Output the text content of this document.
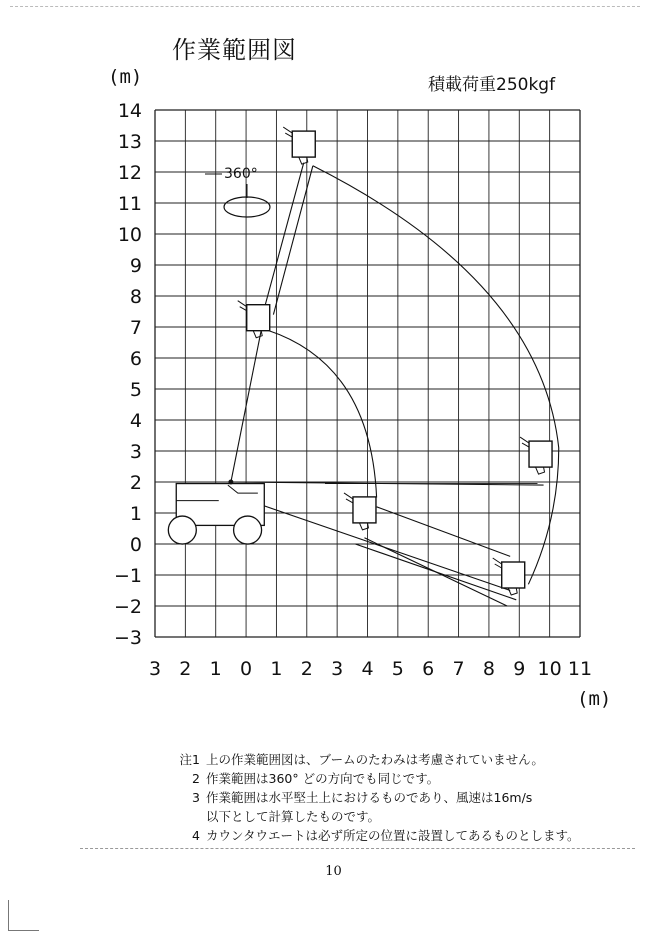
作業範囲図
(m)	積載荷重250kgf
14
13
12
11
10
9
8
7
6
5
4
3
2
1
0
−1
−2
−3
3 2 1 0 1 2 3 4 5 6 7 8 9 10 11
360°
(m)
注1 上の作業範囲図は、ブームのたわみは考慮されていません。
2 作業範囲は360° どの方向でも同じです。
3 作業範囲は水平堅土上におけるものであり、風速は16m/s
以下として計算したものです。
4 カウンタウエートは必ず所定の位置に設置してあるものとします。
10
